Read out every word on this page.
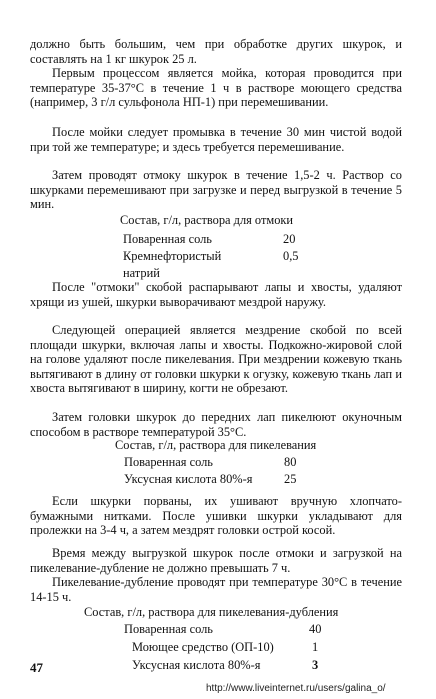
должно быть большим, чем при обработке других шкурок, и составлять на 1 кг шкурок 25 л.

Первым процессом является мойка, которая проводится при температуре 35-37°С в течение 1 ч в растворе моющего средства (например, 3 г/л сульфонола НП-1) при перемешивании.

После мойки следует промывка в течение 30 мин чистой водой при той же температуре; и здесь требуется перемешивание.

Затем проводят отмоку шкурок в течение 1,5-2 ч. Раствор со шкурками перемешивают при загрузке и перед выгрузкой в течение 5 мин.

Состав, г/л, раствора для отмоки
Поваренная соль	20
Кремнефтористый	0,5
натрий

После "отмоки" скобой распарывают лапы и хвосты, удаляют хрящи из ушей, шкурки выворачивают мездрой наружу.

Следующей операцией является мездрение скобой по всей площади шкурки, включая лапы и хвосты. Подкожно-жировой слой на голове удаляют после пикелевания. При мездрении кожевую ткань вытягивают в длину от головки шкурки к огузку, кожевую ткань лап и хвоста вытягивают в ширину, когти не обрезают.

Затем головки шкурок до передних лап пикелюют окуночным способом в растворе температурой 35°С.

Состав, г/л, раствора для пикелевания
Поваренная соль	80
Уксусная кислота 80%-я	25

Если шкурки порваны, их ушивают вручную хлопчато-бумажными нитками. После ушивки шкурки укладывают для пролежки на 3-4 ч, а затем мездрят головки острой косой.

Время между выгрузкой шкурок после отмоки и загрузкой на пикелевание-дубление не должно превышать 7 ч.

Пикелевание-дубление проводят при температуре 30°С в течение 14-15 ч.

Состав, г/л, раствора для пикелевания-дубления
Поваренная соль	40
Моющее средство (ОП-10)	1
Уксусная кислота 80%-я	3
47
http://www.liveinternet.ru/users/galina_o/
